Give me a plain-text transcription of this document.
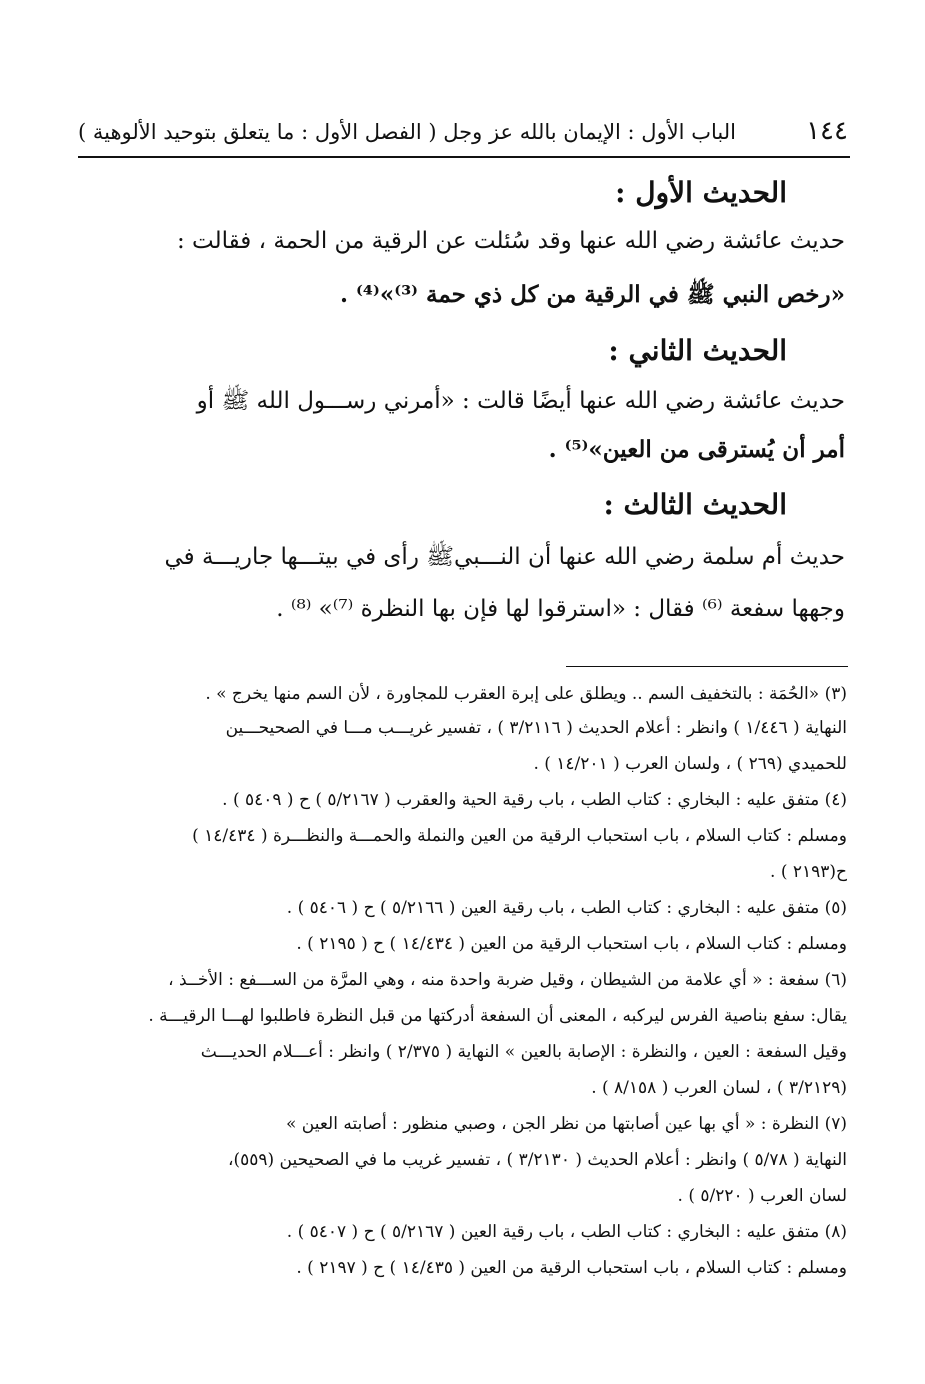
١٤٤
الباب الأول : الإيمان بالله عز وجل ( الفصل الأول : ما يتعلق بتوحيد الألوهية )
الحديث الأول :
حديث عائشة رضي الله عنها وقد سُئلت عن الرقية من الحمة ، فقالت :
«رخص النبي ﷺ في الرقية من كل ذي حمة ⁽³⁾»⁽⁴⁾ .
الحديث الثاني :
حديث عائشة رضي الله عنها أيضًا قالت : «أمرني رســـول الله ﷺ أو
أمر أن يُسترقى من العين»⁽⁵⁾ .
الحديث الثالث :
حديث أم سلمة رضي الله عنها أن النـــبيﷺ رأى في بيتـــها جاريـــة في
وجهها سفعة ⁽⁶⁾ فقال : «استرقوا لها فإن بها النظرة ⁽⁷⁾» ⁽⁸⁾ .
(٣) «الحُمَة : بالتخفيف السم .. ويطلق على إبرة العقرب للمجاورة ، لأن السم منها يخرج » .
النهاية ( ١/٤٤٦ ) وانظر : أعلام الحديث ( ٣/٢١١٦ ) ، تفسير غريـــب مـــا في الصحيحـــين
للحميدي (٢٦٩ ) ، ولسان العرب ( ١٤/٢٠١ ) .
(٤) متفق عليه : البخاري : كتاب الطب ، باب رقية الحية والعقرب ( ٥/٢١٦٧ ) ح ( ٥٤٠٩ ) .
ومسلم : كتاب السلام ، باب استحباب الرقية من العين والنملة والحمـــة والنظـــرة ( ١٤/٤٣٤ )
ح(٢١٩٣ ) .
(٥) متفق عليه : البخاري : كتاب الطب ، باب رقية العين ( ٥/٢١٦٦ ) ح ( ٥٤٠٦ ) .
ومسلم : كتاب السلام ، باب استحباب الرقية من العين ( ١٤/٤٣٤ ) ح ( ٢١٩٥ ) .
(٦) سفعة : « أي علامة من الشيطان ، وقيل ضربة واحدة منه ، وهي المرَّة من الســـفع : الأخــذ ،
يقال: سفع بناصية الفرس ليركبه ، المعنى أن السفعة أدركتها من قبل النظرة فاطلبوا لهـــا الرقيـــة .
وقيل السفعة : العين ، والنظرة : الإصابة بالعين » النهاية ( ٢/٣٧٥ ) وانظر : أعـــلام الحديـــث
(٣/٢١٢٩ ) ، لسان العرب ( ٨/١٥٨ ) .
(٧) النظرة : « أي بها عين أصابتها من نظر الجن ، وصبي منظور : أصابته العين »
النهاية ( ٥/٧٨ ) وانظر : أعلام الحديث ( ٣/٢١٣٠ ) ، تفسير غريب ما في الصحيحين (٥٥٩)،
لسان العرب ( ٥/٢٢٠ ) .
(٨) متفق عليه : البخاري : كتاب الطب ، باب رقية العين ( ٥/٢١٦٧ ) ح ( ٥٤٠٧ ) .
ومسلم : كتاب السلام ، باب استحباب الرقية من العين ( ١٤/٤٣٥ ) ح ( ٢١٩٧ ) .
